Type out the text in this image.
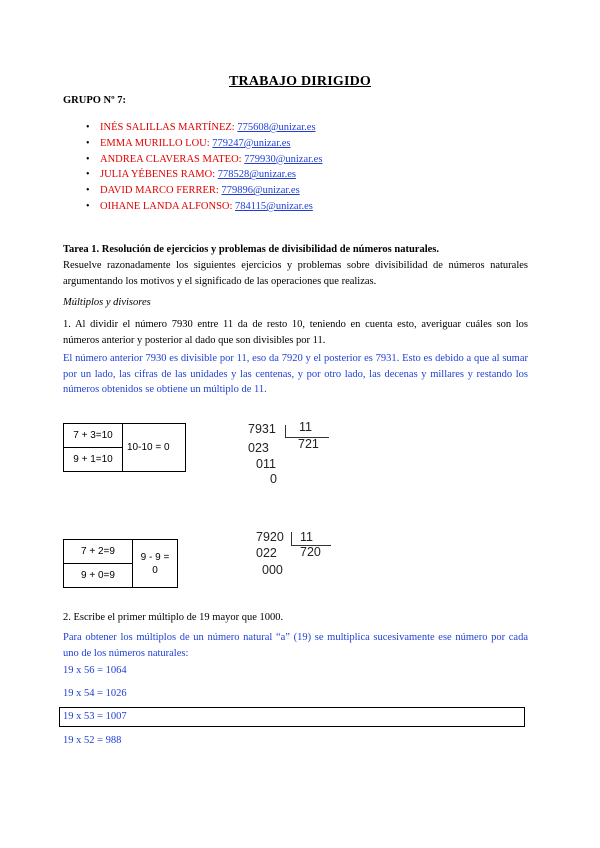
TRABAJO DIRIGIDO
GRUPO Nº 7:
• INÉS SALILLAS MARTÍNEZ: 775608@unizar.es
• EMMA MURILLO LOU: 779247@unizar.es
• ANDREA CLAVERAS MATEO: 779930@unizar.es
• JULIA YÉBENES RAMO: 778528@unizar.es
• DAVID MARCO FERRER: 779896@unizar.es
• OIHANE LANDA ALFONSO: 784115@unizar.es
Tarea 1. Resolución de ejercicios y problemas de divisibilidad de números naturales.
Resuelve razonadamente los siguientes ejercicios y problemas sobre divisibilidad de números naturales argumentando los motivos y el significado de las operaciones que realizas.
Múltiplos y divisores
1. Al dividir el número 7930 entre 11 da de resto 10, teniendo en cuenta esto, averiguar cuáles son los números anterior y posterior al dado que son divisibles por 11.
El número anterior 7930 es divisible por 11, eso da 7920 y el posterior es 7931. Esto es debido a que al sumar por un lado, las cifras de las unidades y las centenas, y por otro lado, las decenas y millares y restando los números obtenidos se obtiene un múltiplo de 11.
7 + 3=10	10-10 = 0
9 + 1=10
7931 11
721
023
011
0
7 + 2=9	9 - 9 = 0
9 + 0=9
7920 11
720
022
000
2. Escribe el primer múltiplo de 19 mayor que 1000.
Para obtener los múltiplos de un número natural “a” (19) se multiplica sucesivamente ese número por cada uno de los números naturales:
19 x 56 = 1064
19 x 54 = 1026
19 x 53 = 1007
19 x 52 = 988
